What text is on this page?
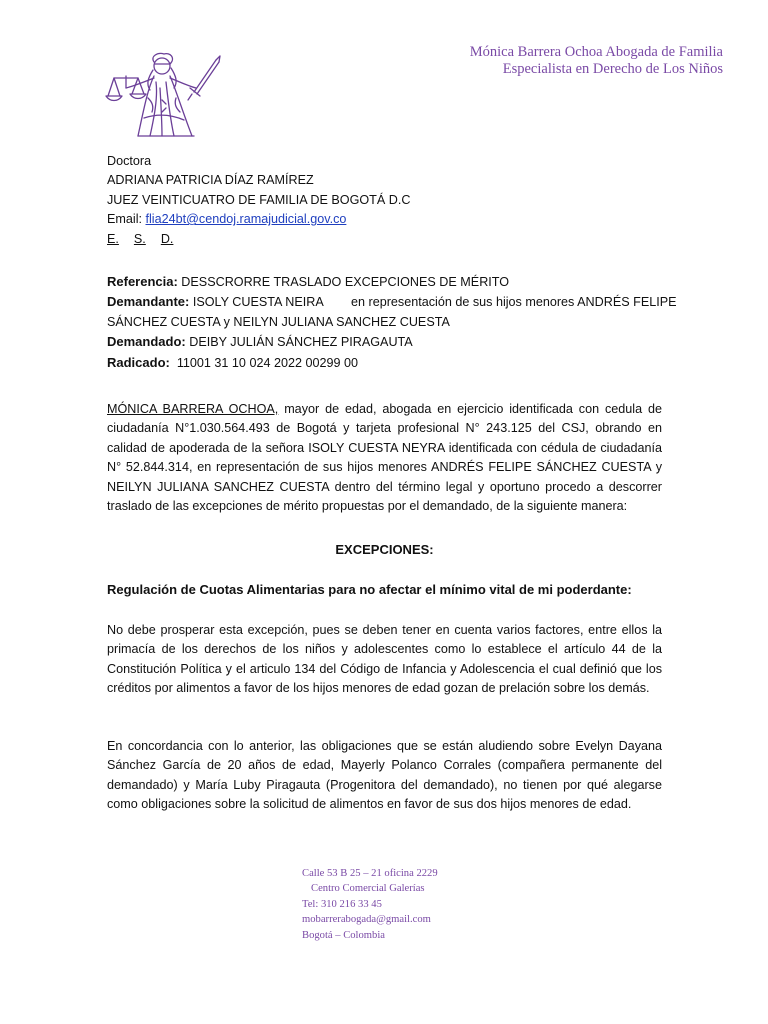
Mónica Barrera Ochoa Abogada de Familia
Especialista en Derecho de Los Niños
Doctora
ADRIANA PATRICIA DÍAZ RAMÍREZ
JUEZ VEINTICUATRO DE FAMILIA DE BOGOTÁ D.C
Email: flia24bt@cendoj.ramajudicial.gov.co
E. S. D.
Referencia: DESSCRORRE TRASLADO EXCEPCIONES DE MÉRITO
Demandante: ISOLY CUESTA NEIRA        en representación de sus hijos menores ANDRÉS FELIPE
SÁNCHEZ CUESTA y NEILYN JULIANA SANCHEZ CUESTA
Demandado: DEIBY JULIÁN SÁNCHEZ PIRAGAUTA
Radicado:  11001 31 10 024 2022 00299 00
MÓNICA BARRERA OCHOA, mayor de edad, abogada en ejercicio identificada con cedula de ciudadanía N°1.030.564.493 de Bogotá y tarjeta profesional N° 243.125 del CSJ, obrando en calidad de apoderada de la señora ISOLY CUESTA NEYRA identificada con cédula de ciudadanía N° 52.844.314, en representación de sus hijos menores ANDRÉS FELIPE SÁNCHEZ CUESTA y NEILYN JULIANA SANCHEZ CUESTA dentro del término legal y oportuno procedo a descorrer traslado de las excepciones de mérito propuestas por el demandado, de la siguiente manera:
EXCEPCIONES:
Regulación de Cuotas Alimentarias para no afectar el mínimo vital de mi poderdante:
No debe prosperar esta excepción, pues se deben tener en cuenta varios factores, entre ellos la primacía de los derechos de los niños y adolescentes como lo establece el artículo 44 de la Constitución Política y el articulo 134 del Código de Infancia y Adolescencia el cual definió que los créditos por alimentos a favor de los hijos menores de edad gozan de prelación sobre los demás.
En concordancia con lo anterior, las obligaciones que se están aludiendo sobre Evelyn Dayana Sánchez García de 20 años de edad, Mayerly Polanco Corrales (compañera permanente del demandado) y María Luby Piragauta (Progenitora del demandado), no tienen por qué alegarse como obligaciones sobre la solicitud de alimentos en favor de sus dos hijos menores de edad.
Calle 53 B 25 – 21 oficina 2229
Centro Comercial Galerías
Tel: 310 216 33 45
mobarrerabogada@gmail.com
Bogotá – Colombia
